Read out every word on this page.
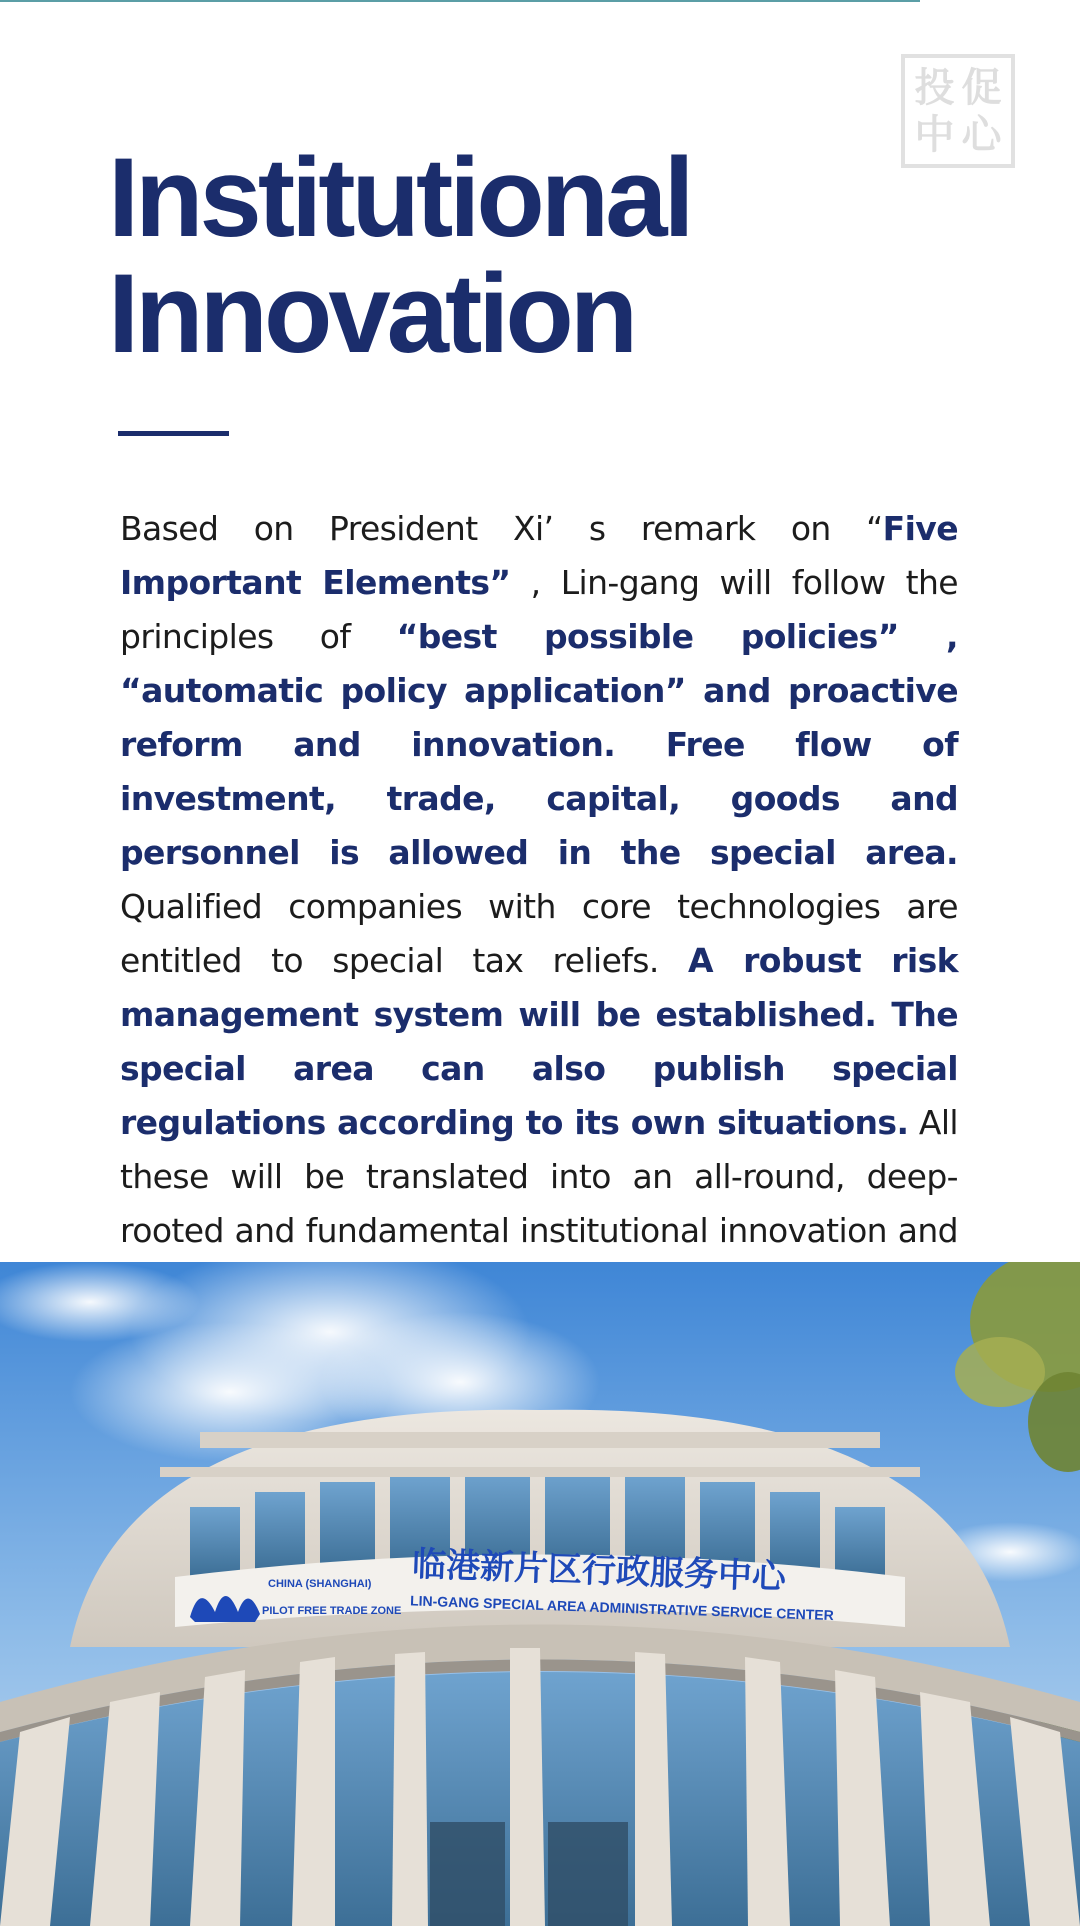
投 促
中 心
Institutional
Innovation

Based on President Xi’ s remark on “Five Important Elements” , Lin-gang will follow the principles of “best possible policies” , “automatic policy application” and proactive reform and innovation. Free flow of investment, trade, capital, goods and personnel is allowed in the special area. Qualified companies with core technologies are entitled to special tax reliefs. A robust risk management system will be established. The special area can also publish special regulations according to its own situations. All these will be translated into an all-round, deep-rooted and fundamental institutional innovation and

CHINA (SHANGHAI)
PILOT FREE TRADE ZONE
临港新片区行政服务中心
LIN-GANG SPECIAL AREA ADMINISTRATIVE SERVICE CENTER
